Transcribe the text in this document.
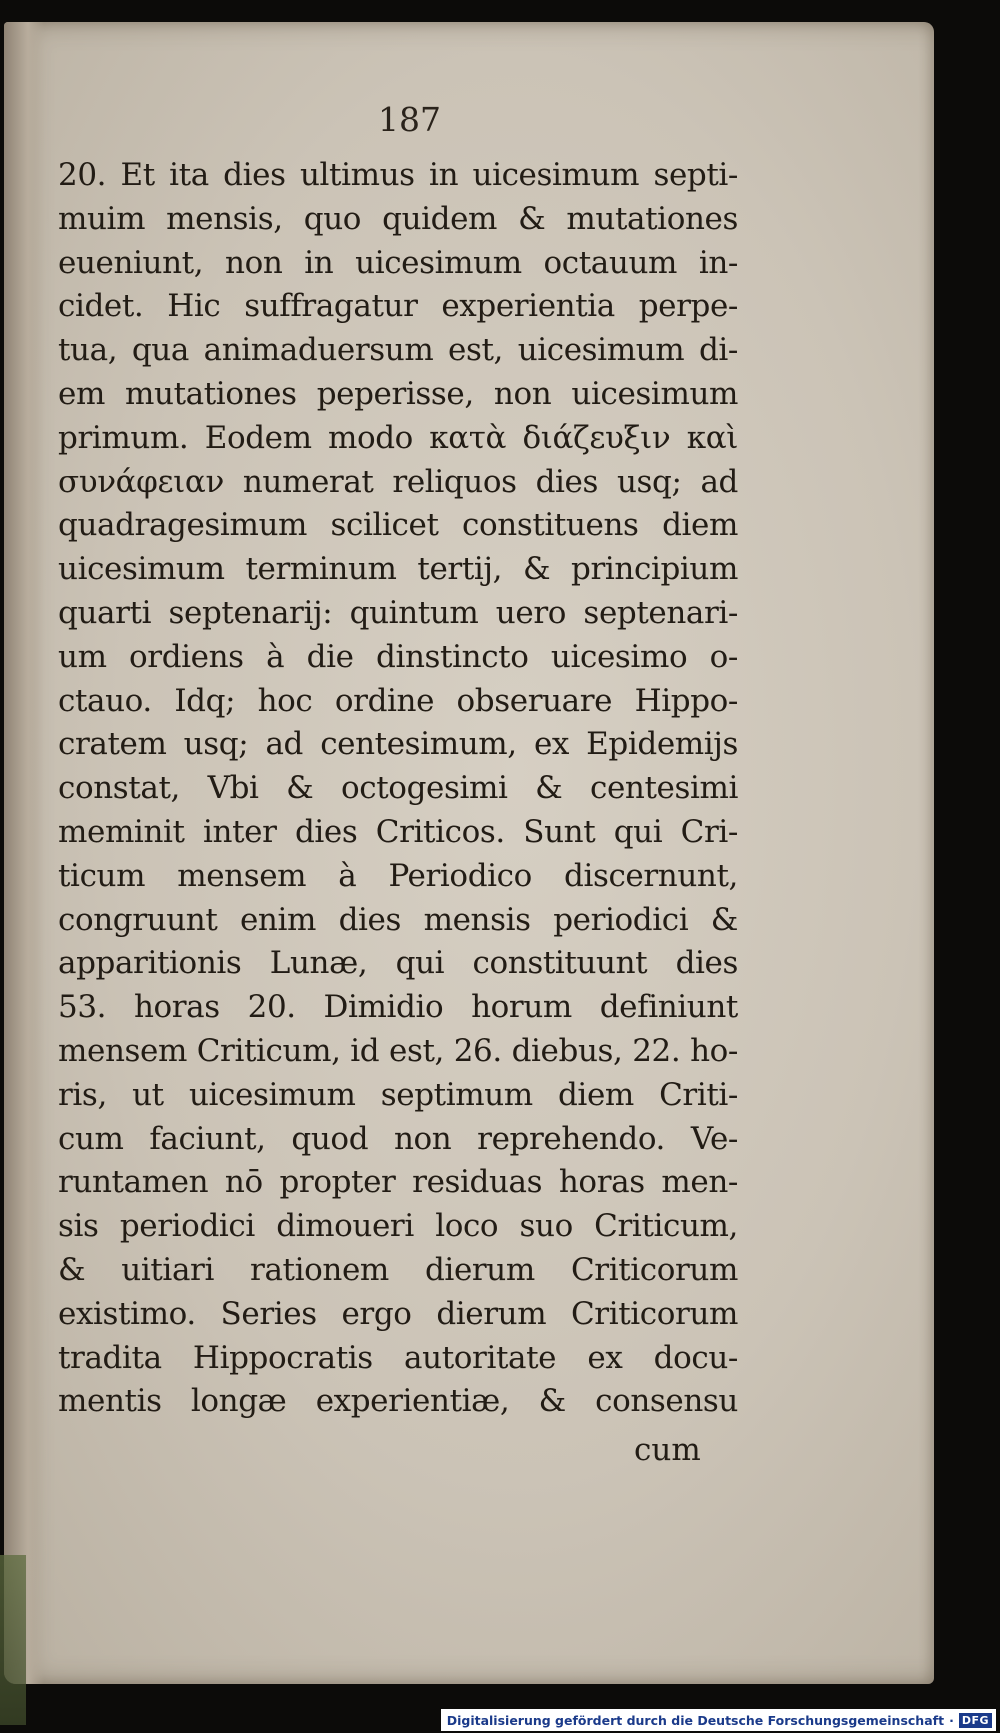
187

20. Et ita dies ultimus in uicesimum septi-
muim mensis, quo quidem & mutationes
eueniunt, non in uicesimum octauum in-
cidet. Hic suffragatur experientia perpe-
tua, qua animaduersum est, uicesimum di-
em mutationes peperisse, non uicesimum
primum. Eodem modo κατὰ διάζευξιν καὶ
συνάφειαν numerat reliquos dies usq; ad
quadragesimum scilicet constituens diem
uicesimum terminum tertij, & principium
quarti septenarij: quintum uero septenari-
um ordiens à die dinstincto uicesimo o-
ctauo. Idq; hoc ordine obseruare Hippo-
cratem usq; ad centesimum, ex Epidemijs
constat, Vbi & octogesimi & centesimi
meminit inter dies Criticos. Sunt qui Cri-
ticum mensem à Periodico discernunt,
congruunt enim dies mensis periodici &
apparitionis Lunæ, qui constituunt dies
53. horas 20. Dimidio horum definiunt
mensem Criticum, id est, 26. diebus, 22. ho-
ris, ut uicesimum septimum diem Criti-
cum faciunt, quod non reprehendo. Ve-
runtamen nō propter residuas horas men-
sis periodici dimoueri loco suo Criticum,
& uitiari rationem dierum Criticorum
existimo. Series ergo dierum Criticorum
tradita Hippocratis autoritate ex docu-
mentis longæ experientiæ, & consensu

cum

Digitalisierung gefördert durch die Deutsche Forschungsgemeinschaft · DFG
